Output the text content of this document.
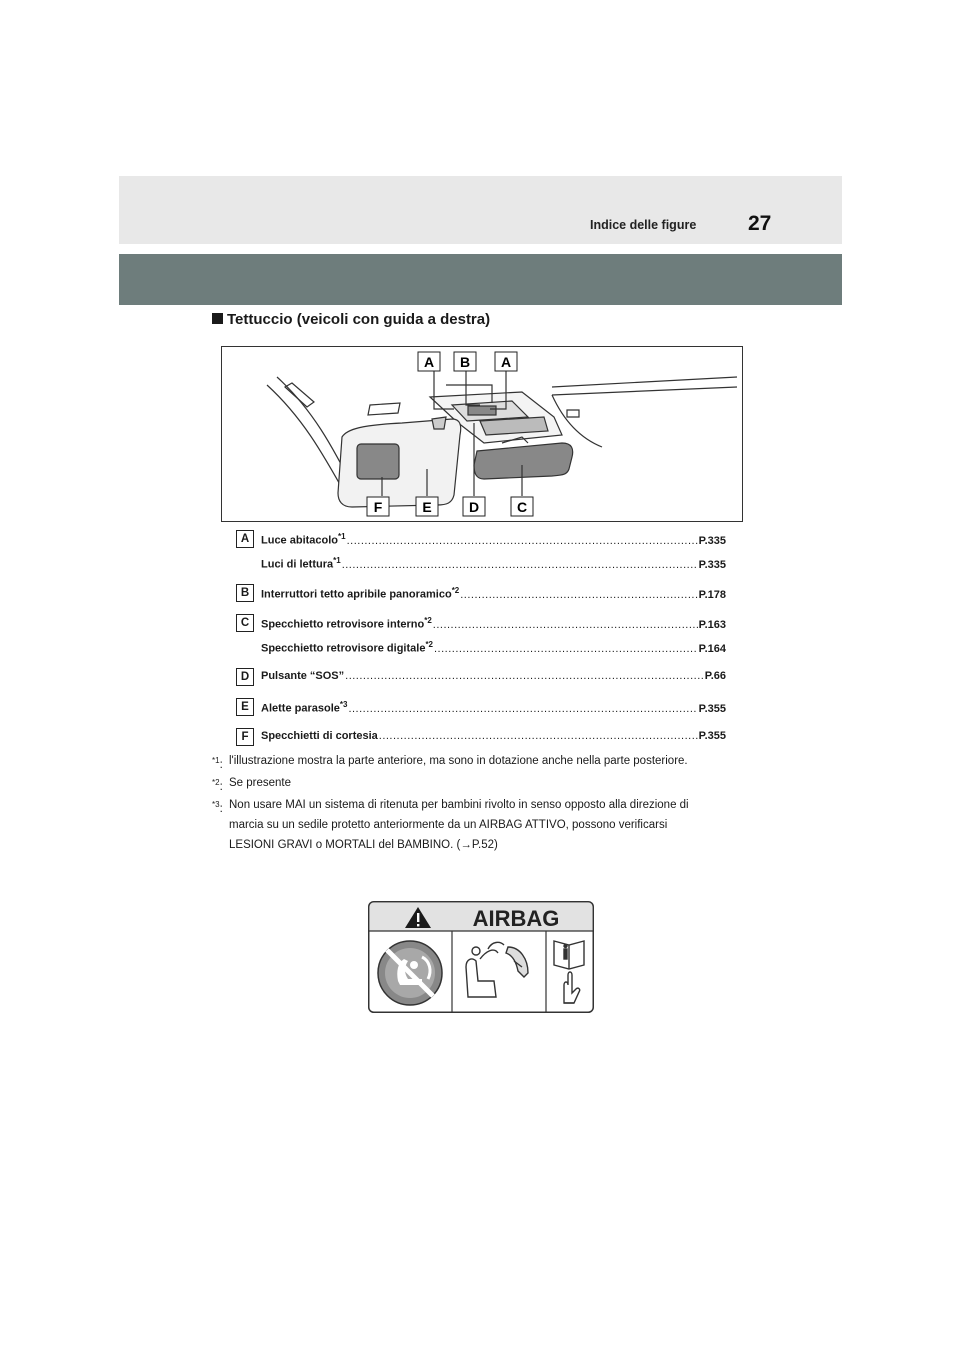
Indice delle figure 27
Tettuccio (veicoli con guida a destra)
A B A
F	E	D	C
A	Luce abitacolo$^{*1}$ .....	P.335
Luci di lettura$^{*1}$ .....	P.335
B	Interruttori tetto apribile panoramico$^{*2}$ .....	P.178
C	Specchietto retrovisore interno$^{*2}$ .....	P.163
Specchietto retrovisore digitale$^{*2}$ .....	P.164
D	Pulsante “SOS” .....	P.66
E	Alette parasole$^{*3}$ .....	P.355
F	Specchietti di cortesia .....	P.355
$^{*1}$: l'illustrazione mostra la parte anteriore, ma sono in dotazione anche nella parte posteriore.
$^{*2}$: Se presente
$^{*3}$: Non usare MAI un sistema di ritenuta per bambini rivolto in senso opposto alla direzione di
marcia su un sedile protetto anteriormente da un AIRBAG ATTIVO, possono verificarsi
LESIONI GRAVI o MORTALI del BAMBINO. (→P.52)
AIRBAG
